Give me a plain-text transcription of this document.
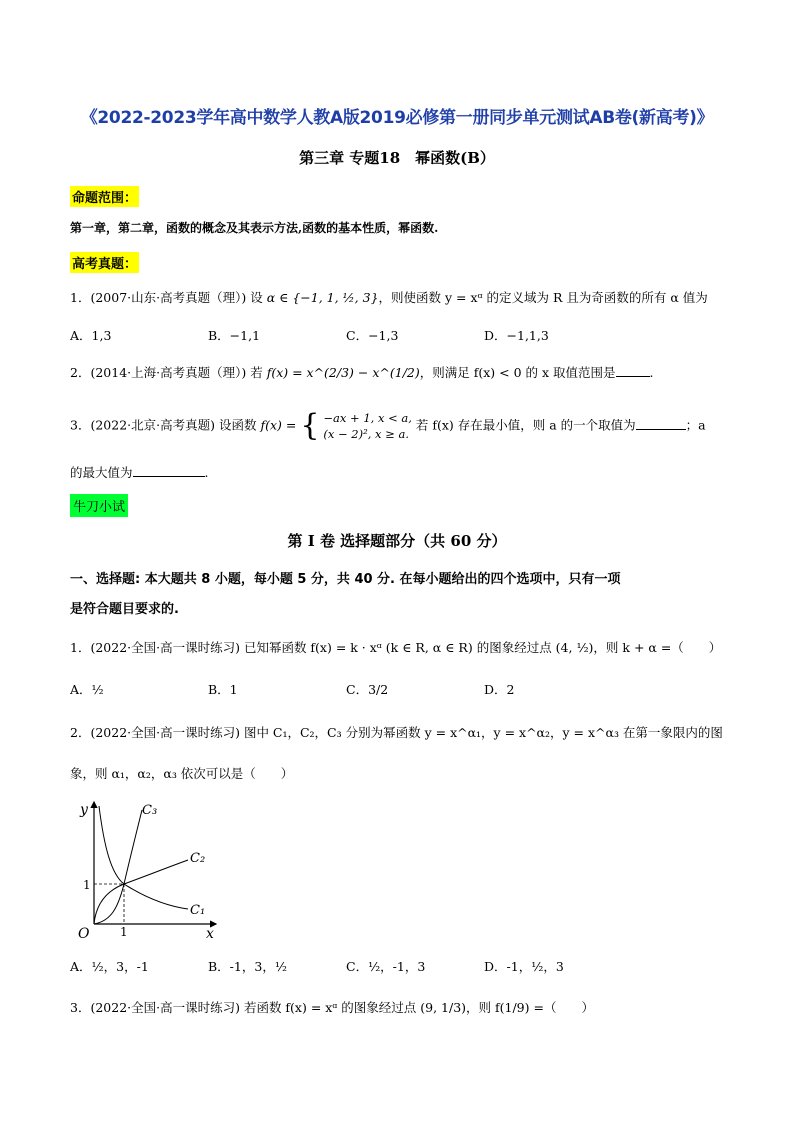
《2022-2023学年高中数学人教A版2019必修第一册同步单元测试AB卷(新高考)》
第三章 专题18　幂函数(B）
命题范围：
第一章，第二章，函数的概念及其表示方法,函数的基本性质，幂函数.
高考真题：
1．(2007·山东·高考真题（理）) 设 α ∈ {−1, 1, ½, 3}，则使函数 y = xᵅ 的定义域为 R 且为奇函数的所有 α 值为
A．1,3	B．−1,1	C．−1,3	D．−1,1,3
2．(2014·上海·高考真题（理）) 若 f(x) = x^(2/3) − x^(1/2)，则满足 f(x) < 0 的 x 取值范围是	.
3．(2022·北京·高考真题) 设函数 f(x) = { −ax + 1, x < a,
(x − 2)², x ≥ a.
若 f(x) 存在最小值，则 a 的一个取值为	；a
的最大值为	.
牛刀小试
第 I 卷 选择题部分（共 60 分）
一、选择题: 本大题共 8 小题，每小题 5 分，共 40 分. 在每小题给出的四个选项中，只有一项
是符合题目要求的.
1．(2022·全国·高一课时练习) 已知幂函数 f(x) = k · xᵅ (k ∈ R, α ∈ R) 的图象经过点 (4, ½)，则 k + α =（　　）
A．½	B．1	C．3/2	D．2
2．(2022·全国·高一课时练习) 图中 C₁，C₂，C₃ 分别为幂函数 y = x^α₁，y = x^α₂，y = x^α₃ 在第一象限内的图
象，则 α₁，α₂，α₃ 依次可以是（　　）
y
x
O
1
1
C₃
C₂
C₁
A．½，3，-1	B．-1，3，½	C．½，-1，3	D．-1，½，3
3．(2022·全国·高一课时练习) 若函数 f(x) = xᵅ 的图象经过点 (9, 1/3)，则 f(1/9) =（　　）
